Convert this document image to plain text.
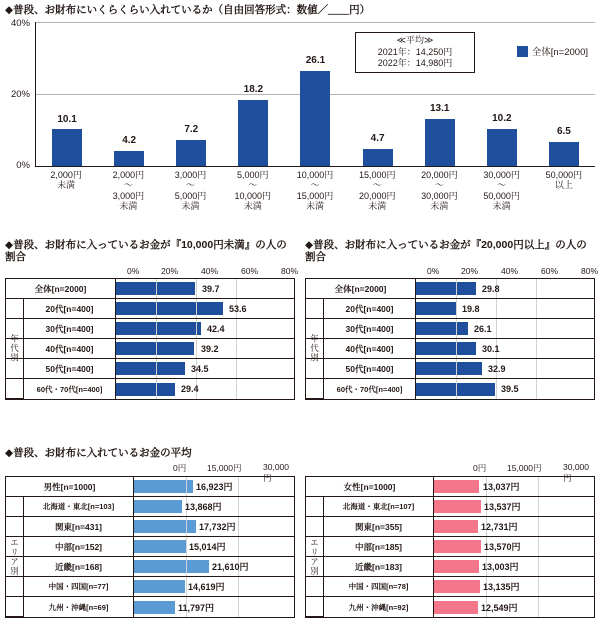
◆普段、お財布にいくらくらい入れているか（自由回答形式：数値／＿＿円）
40%
20%
0%
10.1
4.2
7.2
18.2
26.1
4.7
13.1
10.2
6.5
≪平均≫
2021年：14,250円
2022年：14,980円
全体[n=2000]
2,000円
未満
2,000円
～
3,000円
未満
3,000円
～
5,000円
未満
5,000円
～
10,000円
未満
10,000円
～
15,000円
未満
15,000円
～
20,000円
未満
20,000円
～
30,000円
未満
30,000円
～
50,000円
未満
50,000円
以上
◆普段、お財布に入っているお金が『10,000円未満』の人の割合
0%	20%	40%	60%	80%
全体[n=2000]	39.7
年代別
20代[n=400]	53.6
30代[n=400]	42.4
40代[n=400]	39.2
50代[n=400]	34.5
60代・70代[n=400]	29.4
◆普段、お財布に入っているお金が『20,000円以上』の人の割合
0%	20%	40%	60%	80%
全体[n=2000]	29.8
年代別
20代[n=400]	19.8
30代[n=400]	26.1
40代[n=400]	30.1
50代[n=400]	32.9
60代・70代[n=400]	39.5
◆普段、お財布に入れているお金の平均
0円 15,000円	30,000円
男性[n=1000]	16,923円
エリア別
北海道・東北[n=103]	13,868円
関東[n=431]	17,732円
中部[n=152]	15,014円
近畿[n=168]	21,610円
中国・四国[n=77]	14,619円
九州・沖縄[n=69]	11,797円
0円 15,000円	30,000円
女性[n=1000]	13,037円
エリア別
北海道・東北[n=107]	13,537円
関東[n=355]	12,731円
中部[n=185]	13,570円
近畿[n=183]	13,003円
中国・四国[n=78]	13,135円
九州・沖縄[n=92]	12,549円
